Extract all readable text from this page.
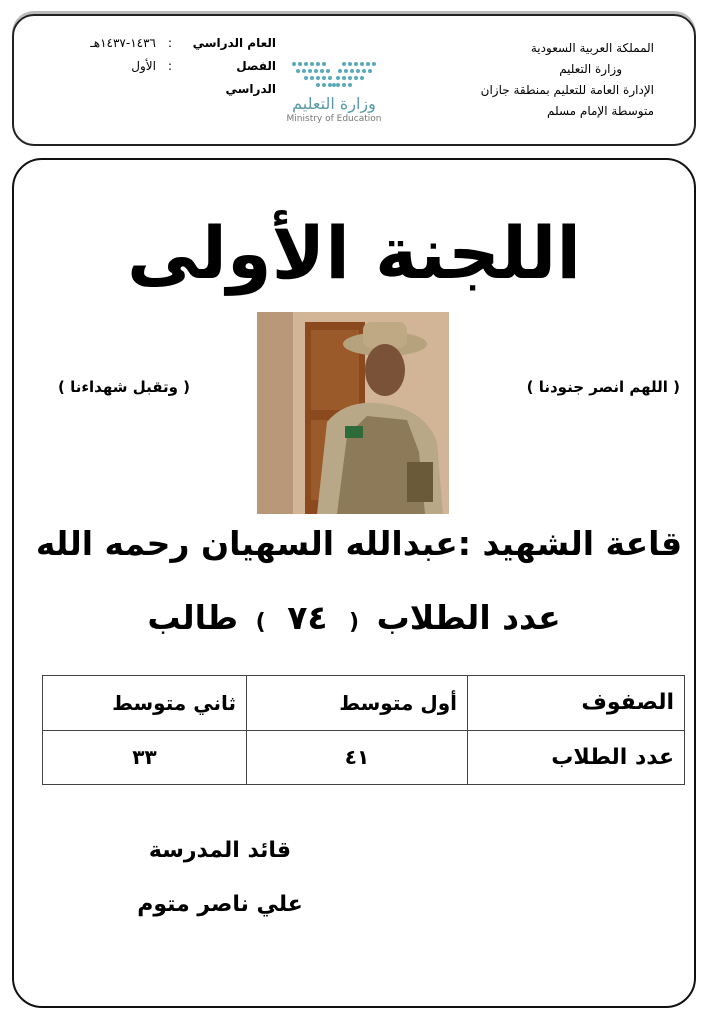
المملكة العربية السعودية
وزارة التعليم
الإدارة العامة للتعليم بمنطقة جازان
متوسطة الإمام مسلم
وزارة التعليم
Ministry of Education
العام الدراسي
:
١٤٣٦-١٤٣٧هـ
الفصل الدراسي
:
الأول
اللجنة الأولى
( اللهم انصر جنودنا )
( وتقبل شهداءنا )
قاعة الشهيد :عبدالله السهيان رحمه الله
عدد الطلاب ( ٧٤ ) طالب
الصفوف	أول متوسط	ثاني متوسط
عدد الطلاب	٤١	٣٣
قائد المدرسة
علي ناصر متوم
